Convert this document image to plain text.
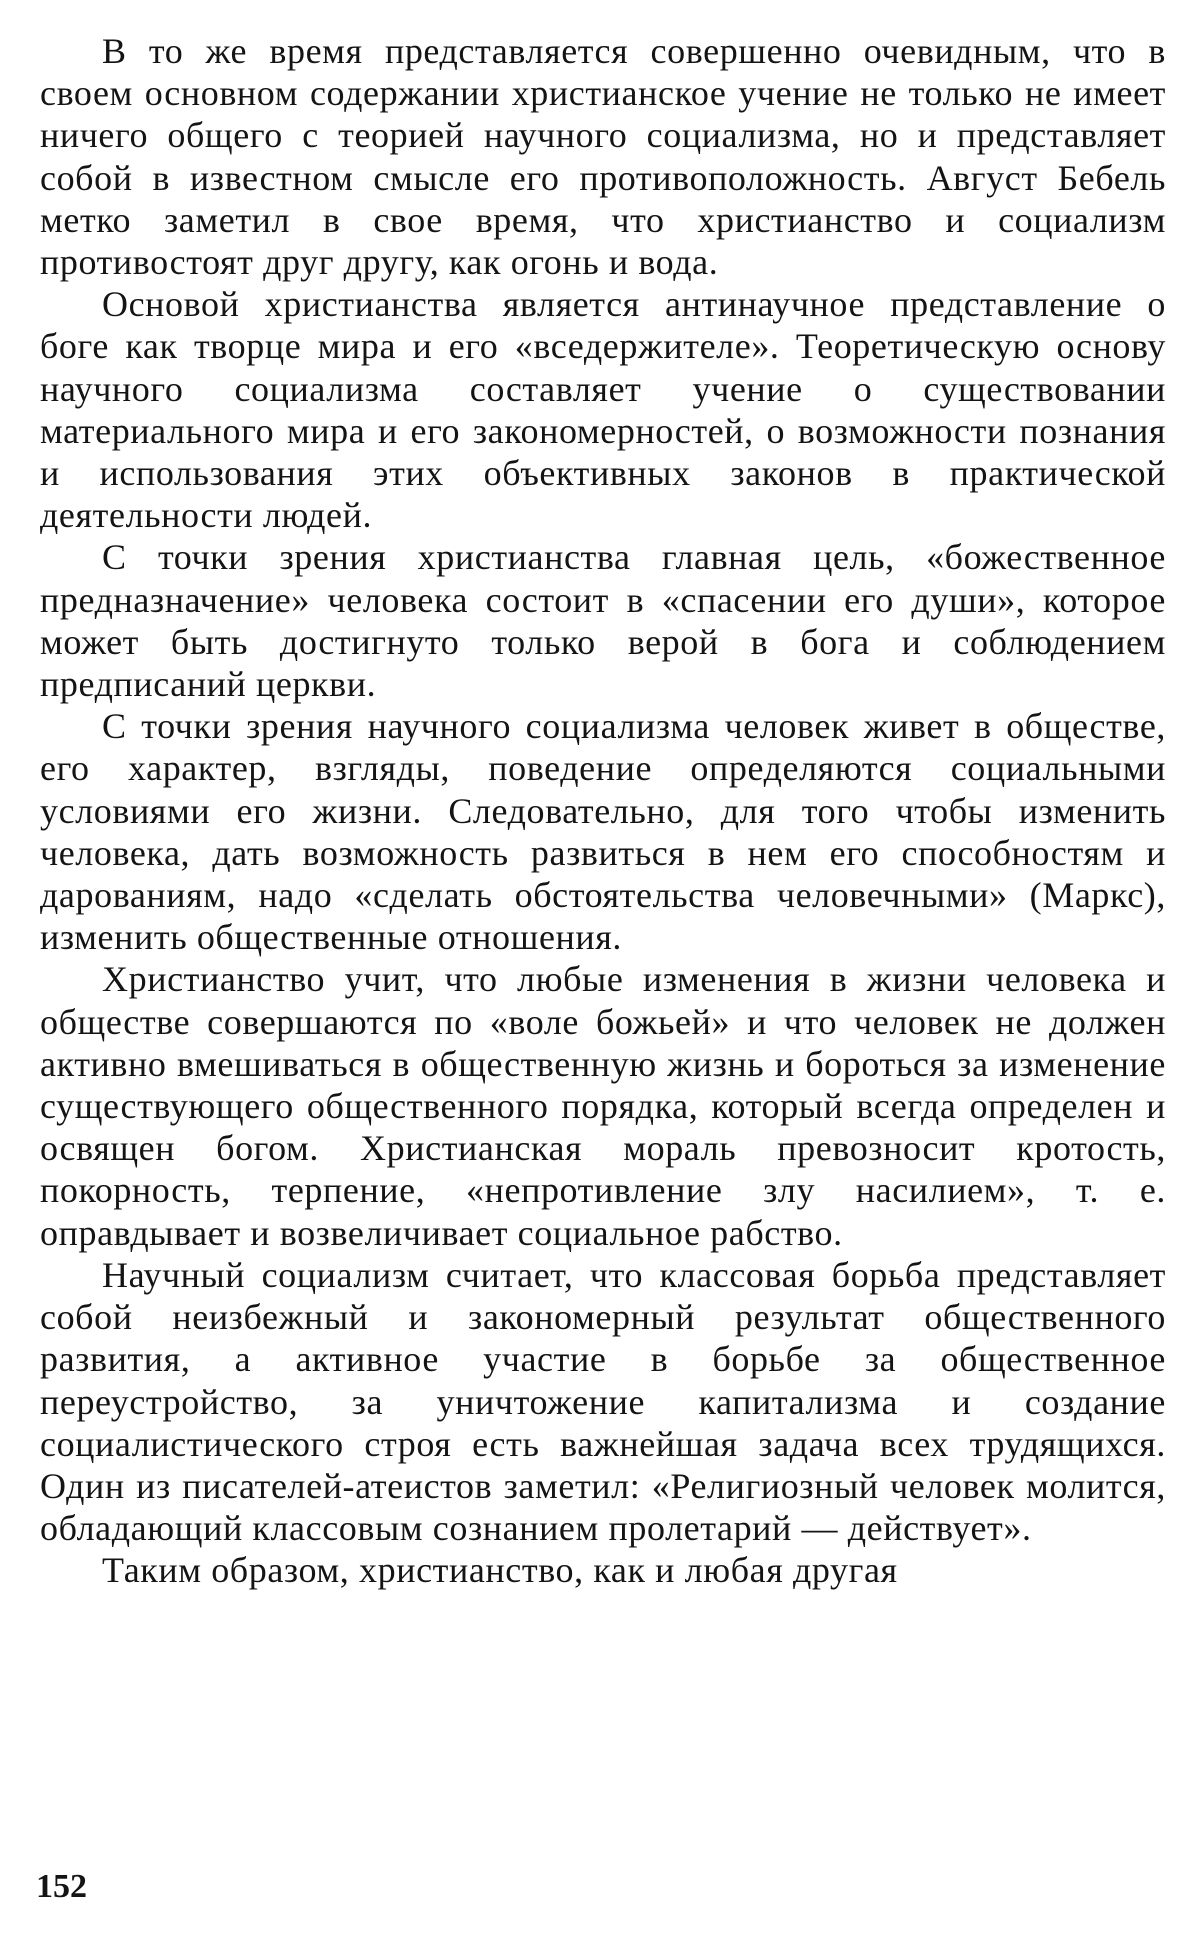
В то же время представляется совершенно очевидным, что в своем основном содержании христианское учение не только не имеет ничего общего с теорией научного социализма, но и представляет собой в известном смысле его противоположность. Август Бебель метко заметил в свое время, что христианство и социализм противостоят друг другу, как огонь и вода.

Основой христианства является антинаучное представление о боге как творце мира и его «вседержителе». Теоретическую основу научного социализма составляет учение о существовании материального мира и его закономерностей, о возможности познания и использования этих объективных законов в практической деятельности людей.

С точки зрения христианства главная цель, «божественное предназначение» человека состоит в «спасении его души», которое может быть достигнуто только верой в бога и соблюдением предписаний церкви.

С точки зрения научного социализма человек живет в обществе, его характер, взгляды, поведение определяются социальными условиями его жизни. Следовательно, для того чтобы изменить человека, дать возможность развиться в нем его способностям и дарованиям, надо «сделать обстоятельства человечными» (Маркс), изменить общественные отношения.

Христианство учит, что любые изменения в жизни человека и обществе совершаются по «воле божьей» и что человек не должен активно вмешиваться в общественную жизнь и бороться за изменение существующего общественного порядка, который всегда определен и освящен богом. Христианская мораль превозносит кротость, покорность, терпение, «непротивление злу насилием», т. е. оправдывает и возвеличивает социальное рабство.

Научный социализм считает, что классовая борьба представляет собой неизбежный и закономерный результат общественного развития, а активное участие в борьбе за общественное переустройство, за уничтожение капитализма и создание социалистического строя есть важнейшая задача всех трудящихся. Один из писателей-атеистов заметил: «Религиозный человек молится, обладающий классовым сознанием пролетарий — действует».

Таким образом, христианство, как и любая другая

152
